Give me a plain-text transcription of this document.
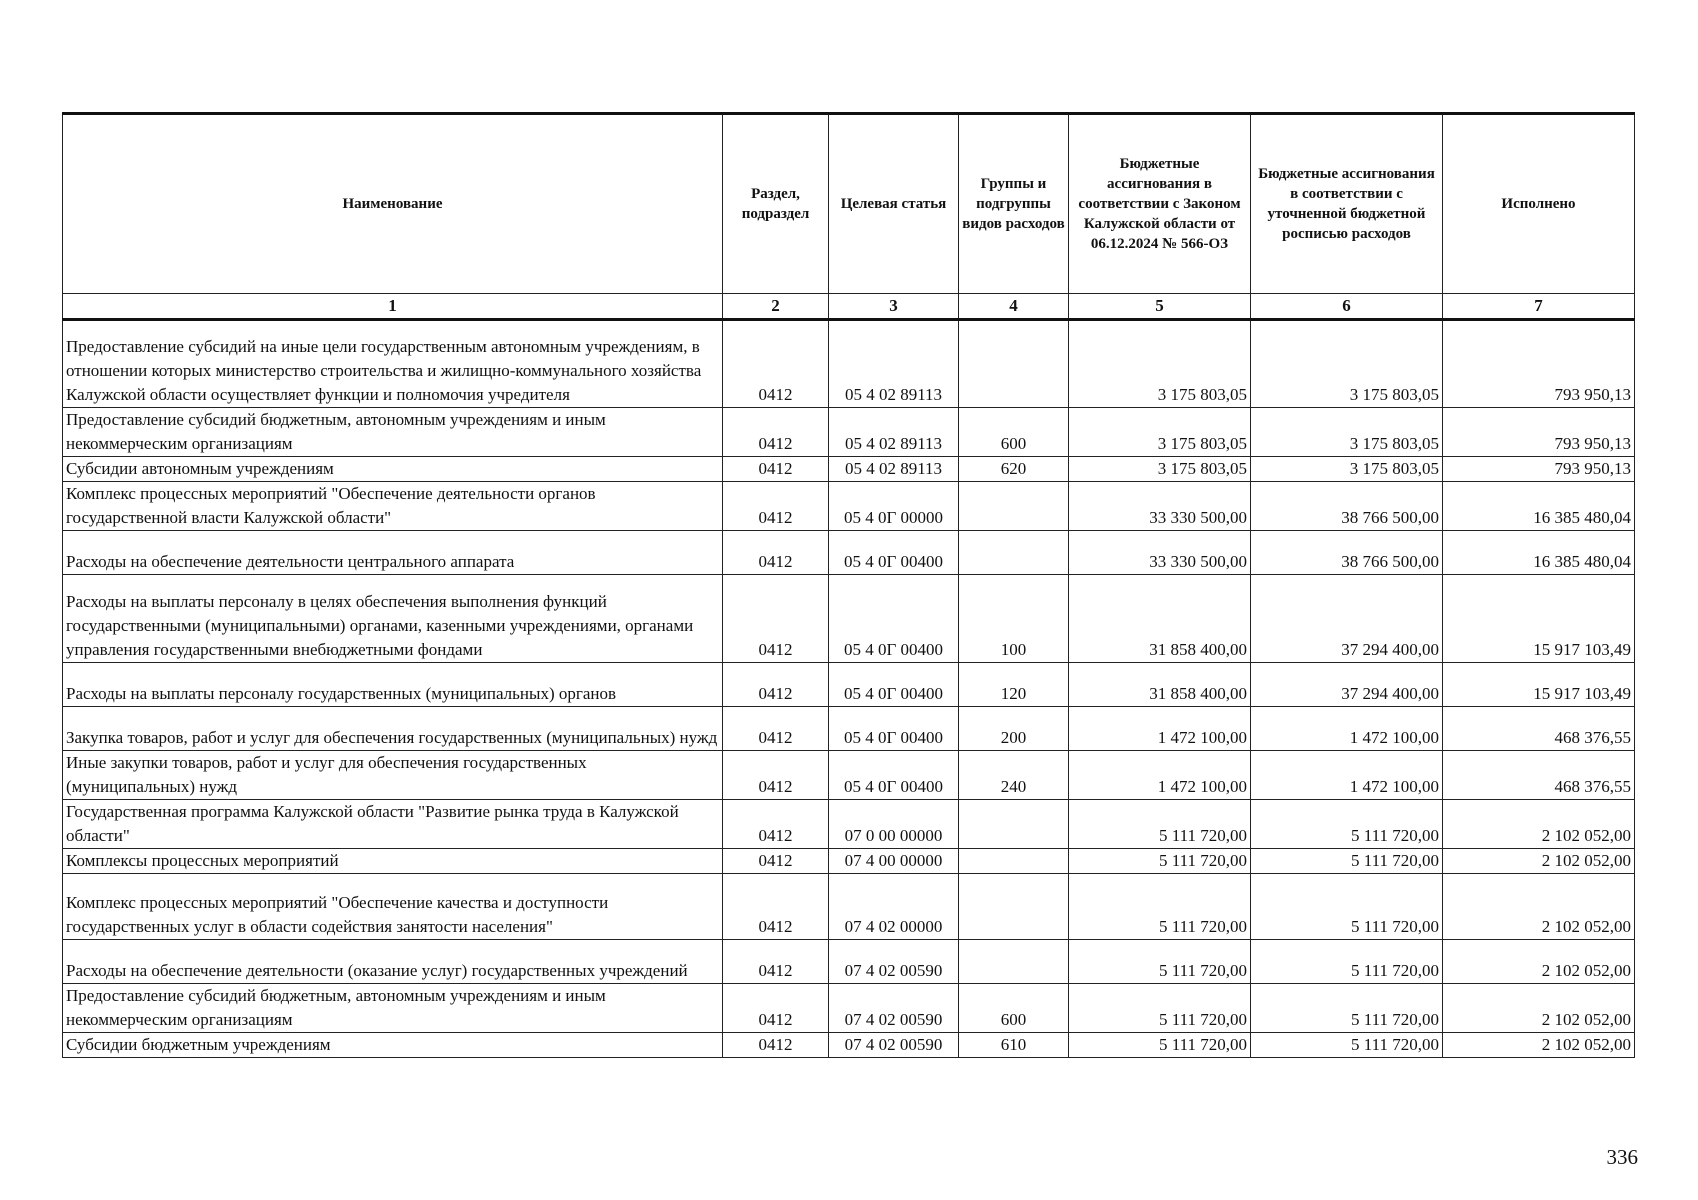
Наименование	Раздел, подраздел	Целевая статья	Группы и подгруппы видов расходов	Бюджетные ассигнования в соответствии с Законом Калужской области от 06.12.2024 № 566-ОЗ	Бюджетные ассигнования в соответствии с уточненной бюджетной росписью расходов	Исполнено
1	2	3	4	5	6	7
Предоставление субсидий на иные цели государственным автономным учреждениям, в отношении которых министерство строительства и жилищно-коммунального хозяйства Калужской области осуществляет функции и полномочия учредителя	0412	05 4 02 89113		3 175 803,05	3 175 803,05	793 950,13
Предоставление субсидий бюджетным, автономным учреждениям и иным некоммерческим организациям	0412	05 4 02 89113	600	3 175 803,05	3 175 803,05	793 950,13
Субсидии автономным учреждениям	0412	05 4 02 89113	620	3 175 803,05	3 175 803,05	793 950,13
Комплекс процессных мероприятий "Обеспечение деятельности органов государственной власти Калужской области"	0412	05 4 0Г 00000		33 330 500,00	38 766 500,00	16 385 480,04
Расходы на обеспечение деятельности центрального аппарата	0412	05 4 0Г 00400		33 330 500,00	38 766 500,00	16 385 480,04
Расходы на выплаты персоналу в целях обеспечения выполнения функций государственными (муниципальными) органами, казенными учреждениями, органами управления государственными внебюджетными фондами	0412	05 4 0Г 00400	100	31 858 400,00	37 294 400,00	15 917 103,49
Расходы на выплаты персоналу государственных (муниципальных) органов	0412	05 4 0Г 00400	120	31 858 400,00	37 294 400,00	15 917 103,49
Закупка товаров, работ и услуг для обеспечения государственных (муниципальных) нужд	0412	05 4 0Г 00400	200	1 472 100,00	1 472 100,00	468 376,55
Иные закупки товаров, работ и услуг для обеспечения государственных (муниципальных) нужд	0412	05 4 0Г 00400	240	1 472 100,00	1 472 100,00	468 376,55
Государственная программа Калужской области "Развитие рынка труда в Калужской области"	0412	07 0 00 00000		5 111 720,00	5 111 720,00	2 102 052,00
Комплексы процессных мероприятий	0412	07 4 00 00000		5 111 720,00	5 111 720,00	2 102 052,00
Комплекс процессных мероприятий "Обеспечение качества и доступности государственных услуг в области содействия занятости населения"	0412	07 4 02 00000		5 111 720,00	5 111 720,00	2 102 052,00
Расходы на обеспечение деятельности (оказание услуг) государственных учреждений	0412	07 4 02 00590		5 111 720,00	5 111 720,00	2 102 052,00
Предоставление субсидий бюджетным, автономным учреждениям и иным некоммерческим организациям	0412	07 4 02 00590	600	5 111 720,00	5 111 720,00	2 102 052,00
Субсидии бюджетным учреждениям	0412	07 4 02 00590	610	5 111 720,00	5 111 720,00	2 102 052,00
336
